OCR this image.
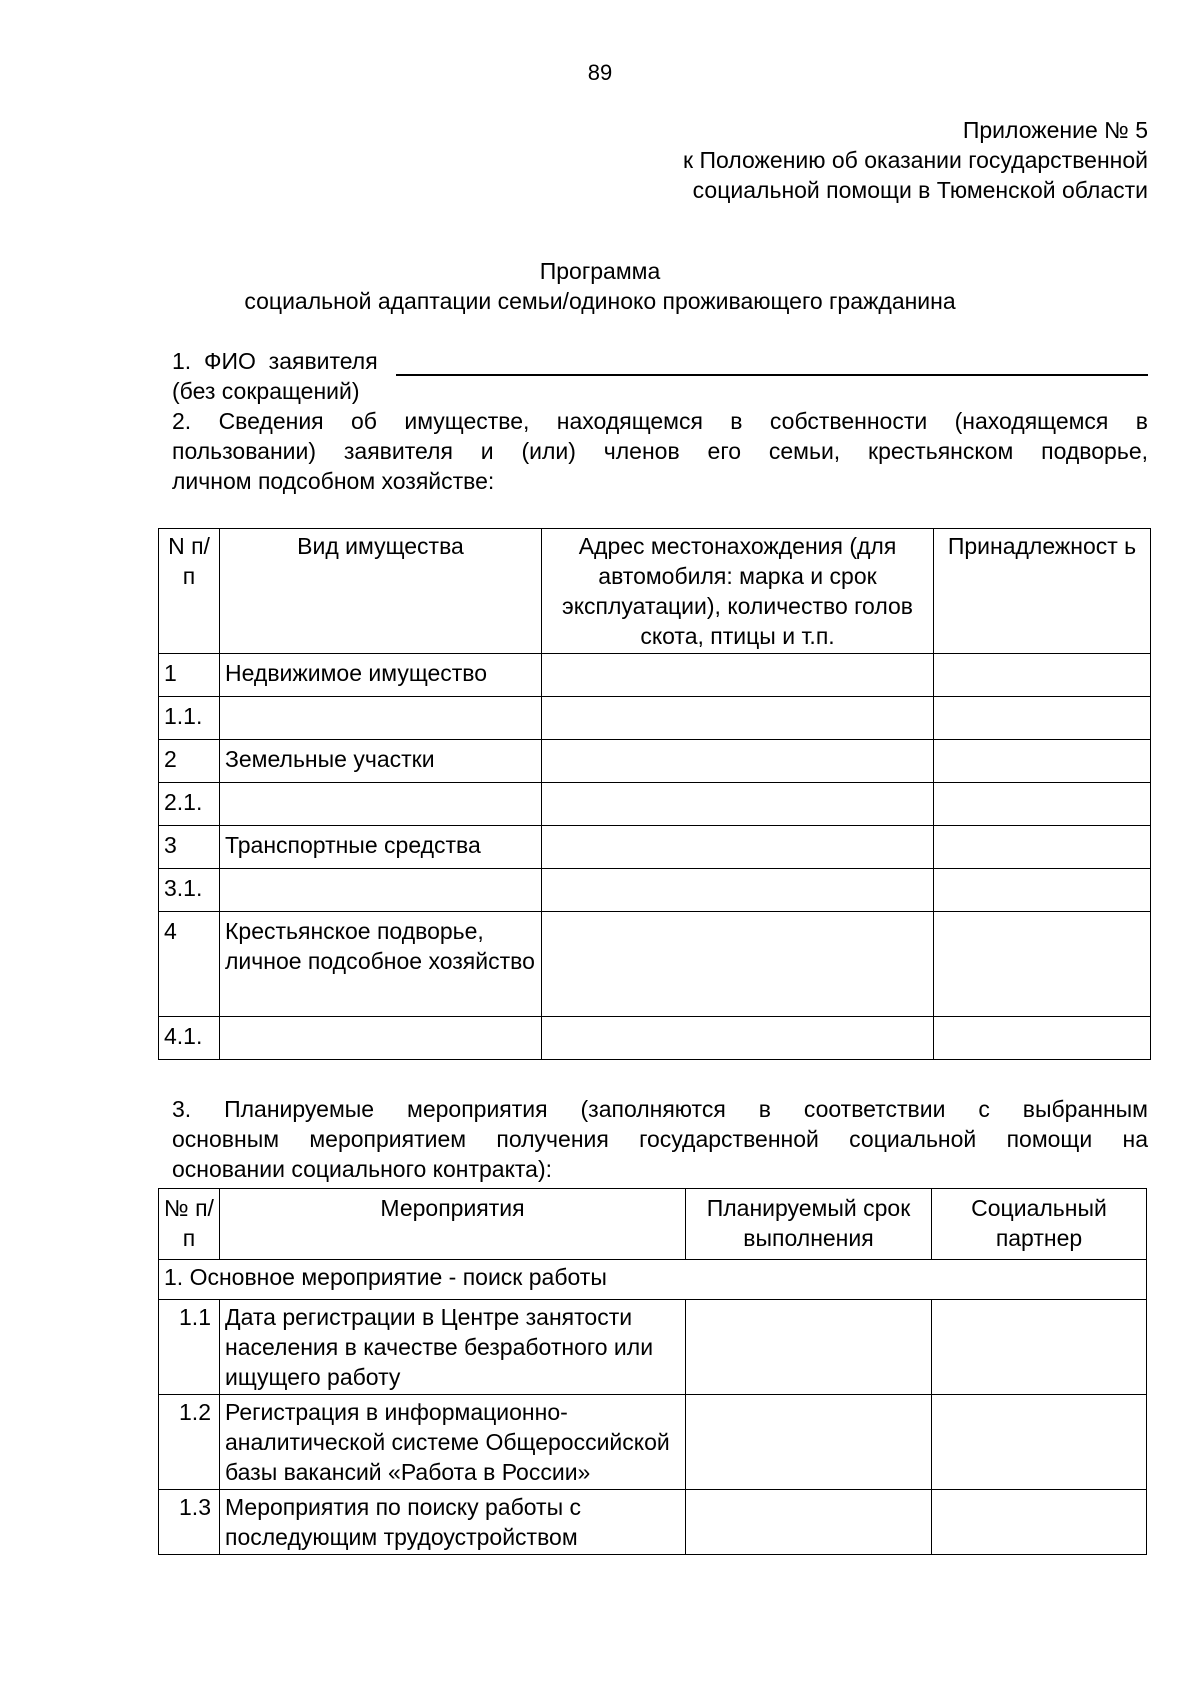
89
Приложение № 5
к Положению об оказании государственной
социальной помощи в Тюменской области
Программа
социальной адаптации семьи/одиноко проживающего гражданина
1.  ФИО  заявителя
(без сокращений)
2. Сведения об имуществе, находящемся в собственности (находящемся в
пользовании) заявителя и (или) членов его семьи, крестьянском подворье,
личном подсобном хозяйстве:
N п/п	Вид имущества	Адрес местонахождения (для автомобиля: марка и срок эксплуатации), количество голов скота, птицы и т.п.	Принадлежност ь
1	Недвижимое имущество		
1.1.			
2	Земельные участки		
2.1.			
3	Транспортные средства		
3.1.			
4	Крестьянское подворье, личное подсобное хозяйство		
4.1.			
3. Планируемые мероприятия (заполняются в соответствии с выбранным
основным мероприятием получения государственной социальной помощи на
основании социального контракта):
№ п/п	Мероприятия	Планируемый срок выполнения	Социальный партнер
1. Основное мероприятие - поиск работы			
1.1	Дата регистрации в Центре занятости населения в качестве безработного или ищущего работу		
1.2	Регистрация в информационно-аналитической системе Общероссийской базы вакансий «Работа в России»		
1.3	Мероприятия по поиску работы с последующим трудоустройством		
